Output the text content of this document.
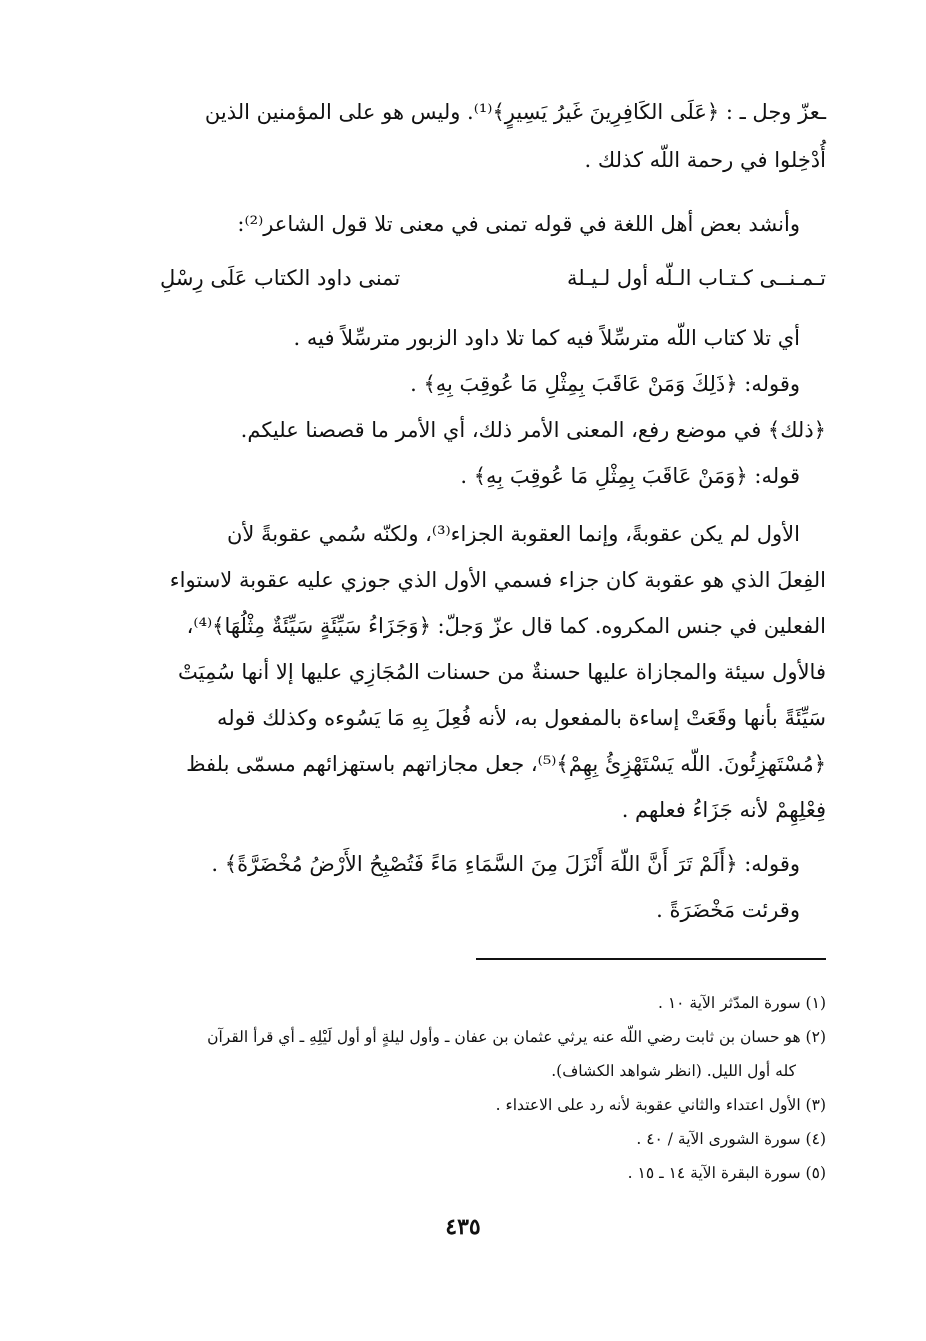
ـعزّ وجل ـ : ﴿عَلَى الكَافِرِينَ غَيرُ يَسِيرٍ﴾⁽¹⁾. وليس هو على المؤمنين الذين
أُدْخِلوا في رحمة اللّه كذلك .
وأنشد بعض أهل اللغة في قوله تمنى في معنى تلا قول الشاعر⁽²⁾:
تـمـنــى كـتـاب الـلّه أول لـيـلة
تمنى داود الكتاب عَلَى رِسْلِ
أي تلا كتاب اللّه مترسِّلاً فيه كما تلا داود الزبور مترسِّلاً فيه .
وقوله: ﴿ذَلِكَ وَمَنْ عَاقَبَ بِمِثْلِ مَا عُوقِبَ بِهِ﴾ .
﴿ذلك﴾ في موضع رفع، المعنى الأمر ذلك، أي الأمر ما قصصنا عليكم.
قوله: ﴿وَمَنْ عَاقَبَ بِمِثْلِ مَا عُوقِبَ بِهِ﴾ .
الأول لم يكن عقوبةً، وإنما العقوبة الجزاء⁽³⁾، ولكنّه سُمي عقوبةً لأن
الفِعلَ الذي هو عقوبة كان جزاء فسمي الأول الذي جوزي عليه عقوبة لاستواء
الفعلين في جنس المكروه. كما قال عزّ وَجلّ: ﴿وَجَزَاءُ سَيِّئَةٍ سَيِّئَةٌ مِثْلُهَا﴾⁽⁴⁾،
فالأول سيئة والمجازاة عليها حسنةٌ من حسنات المُجَازِي عليها إلا أنها سُمِيَتْ
سَيِّئَةً بأنها وقَعَتْ إساءة بالمفعول به، لأنه فُعِلَ بِهِ مَا يَسُوءه وكذلك قوله
﴿مُسْتَهزِئُونَ. اللّه يَسْتَهْزِئُ بِهِمْ﴾⁽⁵⁾، جعل مجازاتهم باستهزائهم مسمّى بلفظ
فِعْلِهِمْ لأنه جَزَاءُ فعلهم .
وقوله: ﴿أَلَمْ تَرَ أَنَّ اللّهَ أَنْزَلَ مِنَ السَّمَاءِ مَاءً فَتُصْبِحُ الأَرْضُ مُخْضَرَّةً﴾ .
وقرئت مَخْضَرَةً .
(١) سورة المدّثر الآية ١٠ .
(٢) هو حسان بن ثابت رضي اللّه عنه يرثي عثمان بن عفان ـ وأول ليلةٍ أو أول لَيْلِهِ ـ أي قرأ القرآن
كله أول الليل. (انظر شواهد الكشاف).
(٣) الأول اعتداء والثاني عقوبة لأنه رد على الاعتداء .
(٤) سورة الشورى الآية / ٤٠ .
(٥) سورة البقرة الآية ١٤ ـ ١٥ .
٤٣٥
